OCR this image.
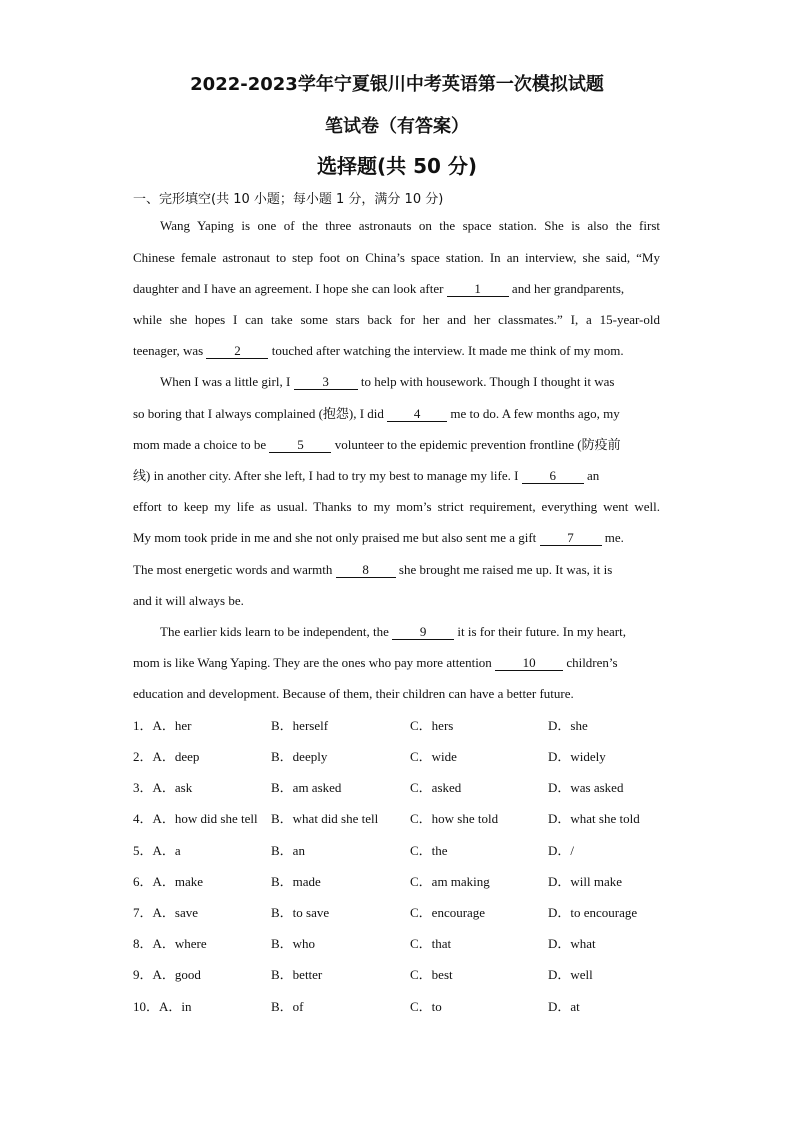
2022-2023学年宁夏银川中考英语第一次模拟试题
笔试卷（有答案）
选择题(共 50 分)
一、完形填空(共 10 小题；每小题 1 分，满分 10 分)
Wang Yaping is one of the three astronauts on the space station. She is also the first
Chinese female astronaut to step foot on China’s space station. In an interview, she said, “My
daughter and I have an agreement. I hope she can look after 1 and her grandparents,
while she hopes I can take some stars back for her and her classmates.” I, a 15-year-old
teenager, was 2 touched after watching the interview. It made me think of my mom.
When I was a little girl, I 3 to help with housework. Though I thought it was
so boring that I always complained (抱怨), I did 4 me to do. A few months ago, my
mom made a choice to be 5 volunteer to the epidemic prevention frontline (防疫前
线) in another city. After she left, I had to try my best to manage my life. I 6 an
effort to keep my life as usual. Thanks to my mom’s strict requirement, everything went well.
My mom took pride in me and she not only praised me but also sent me a gift 7 me.
The most energetic words and warmth 8 she brought me raised me up. It was, it is
and it will always be.
The earlier kids learn to be independent, the 9 it is for their future. In my heart,
mom is like Wang Yaping. They are the ones who pay more attention 10 children’s
education and development. Because of them, their children can have a better future.
1．A．her	B．herself	C．hers	D．she
2．A．deep	B．deeply	C．wide	D．widely
3．A．ask	B．am asked	C．asked	D．was asked
4．A．how did she tell B．what did she tell C．how she told	D．what she told
5．A．a	B．an	C．the	D．/
6．A．make	B．made	C．am making	D．will make
7．A．save	B．to save	C．encourage	D．to encourage
8．A．where	B．who	C．that	D．what
9．A．good	B．better	C．best	D．well
10．A．in	B．of	C．to	D．at
